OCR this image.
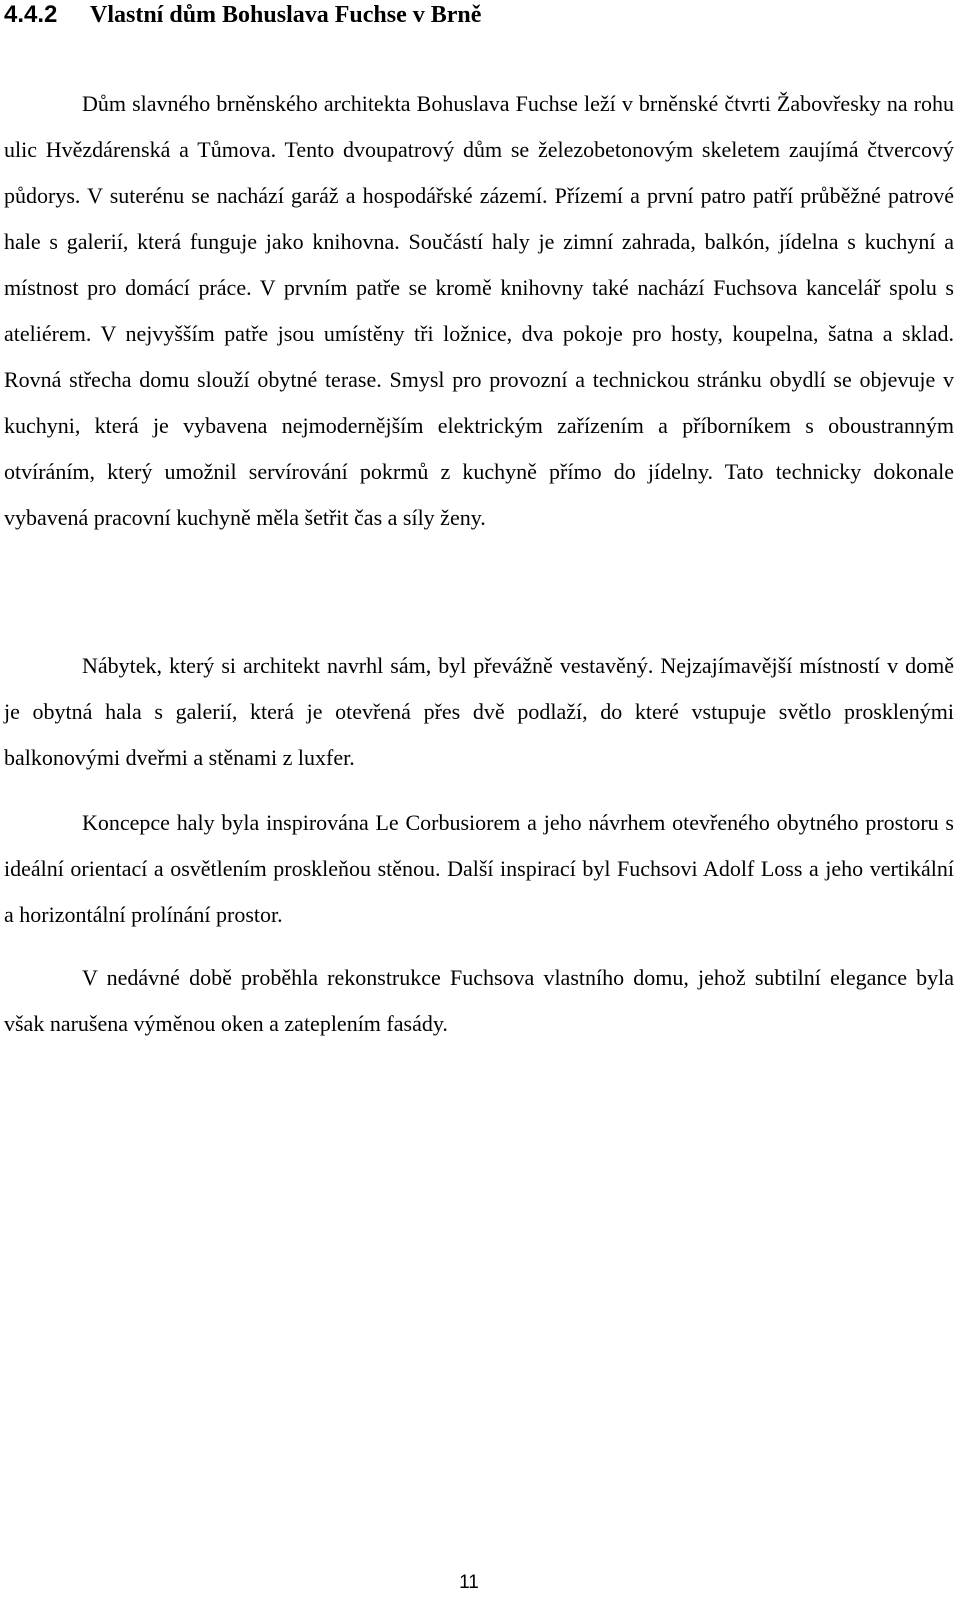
4.4.2 Vlastní dům Bohuslava Fuchse v Brně

Dům slavného brněnského architekta Bohuslava Fuchse leží v brněnské čtvrti Žabovřesky na rohu ulic Hvězdárenská a Tůmova. Tento dvoupatrový dům se železobetonovým skeletem zaujímá čtvercový půdorys. V suterénu se nachází garáž a hospodářské zázemí. Přízemí a první patro patří průběžné patrové hale s galerií, která funguje jako knihovna. Součástí haly je zimní zahrada, balkón, jídelna s kuchyní a místnost pro domácí práce. V prvním patře se kromě knihovny také nachází Fuchsova kancelář spolu s ateliérem. V nejvyšším patře jsou umístěny tři ložnice, dva pokoje pro hosty, koupelna, šatna a sklad. Rovná střecha domu slouží obytné terase. Smysl pro provozní a technickou stránku obydlí se objevuje v kuchyni, která je vybavena nejmodernějším elektrickým zařízením a příborníkem s oboustranným otvíráním, který umožnil servírování pokrmů z kuchyně přímo do jídelny. Tato technicky dokonale vybavená pracovní kuchyně měla šetřit čas a síly ženy.

Nábytek, který si architekt navrhl sám, byl převážně vestavěný. Nejzajímavější místností v domě je obytná hala s galerií, která je otevřená přes dvě podlaží, do které vstupuje světlo prosklenými balkonovými dveřmi a stěnami z luxfer.

Koncepce haly byla inspirována Le Corbusiorem a jeho návrhem otevřeného obytného prostoru s ideální orientací a osvětlením proskleňou stěnou. Další inspirací byl Fuchsovi Adolf Loss a jeho vertikální a horizontální prolínání prostor.

V nedávné době proběhla rekonstrukce Fuchsova vlastního domu, jehož subtilní elegance byla však narušena výměnou oken a zateplením fasády.

11
